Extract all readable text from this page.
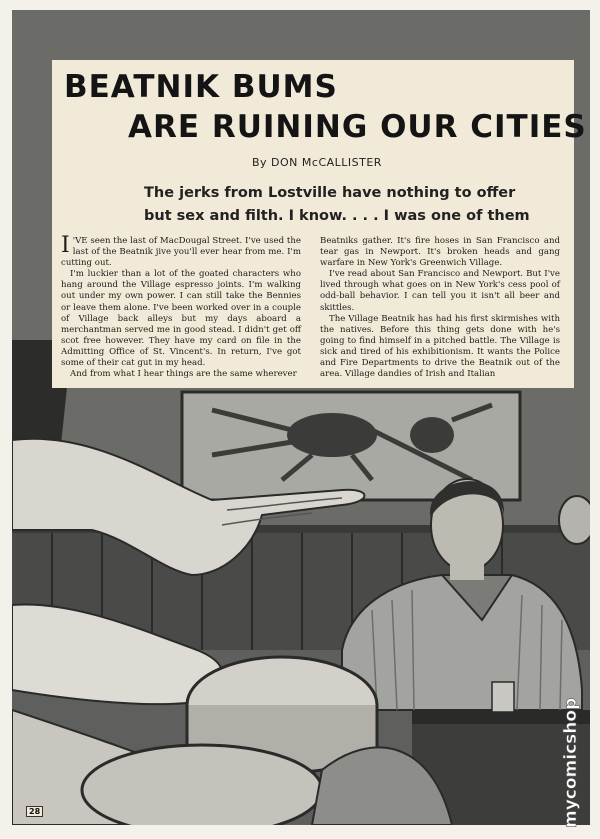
BEATNIK BUMS
ARE RUINING OUR CITIES
By DON McCALLISTER
The jerks from Lostville have nothing to offer
but sex and filth. I know. . . . I was one of them

I 'VE seen the last of MacDougal Street. I've used the last of the Beatnik jive you'll ever hear from me. I'm cutting out.

I'm luckier than a lot of the goated characters who hang around the Village espresso joints. I'm walking out under my own power. I can still take the Bennies or leave them alone. I've been worked over in a couple of Village back alleys but my days aboard a merchantman served me in good stead. I didn't get off scot free however. They have my card on file in the Admitting Office of St. Vincent's. In return, I've got some of their cat gut in my head.

And from what I hear things are the same wherever

Beatniks gather. It's fire hoses in San Francisco and tear gas in Newport. It's broken heads and gang warfare in New York's Greenwich Village.

I've read about San Francisco and Newport. But I've lived through what goes on in New York's cess pool of odd-ball behavior. I can tell you it isn't all beer and skittles.

The Village Beatnik has had his first skirmishes with the natives. Before this thing gets done with he's going to find himself in a pitched battle. The Village is sick and tired of his exhibitionism. It wants the Police and Fire Departments to drive the Beatnik out of the area. Village dandies of Irish and Italian

28	mycomicshop
